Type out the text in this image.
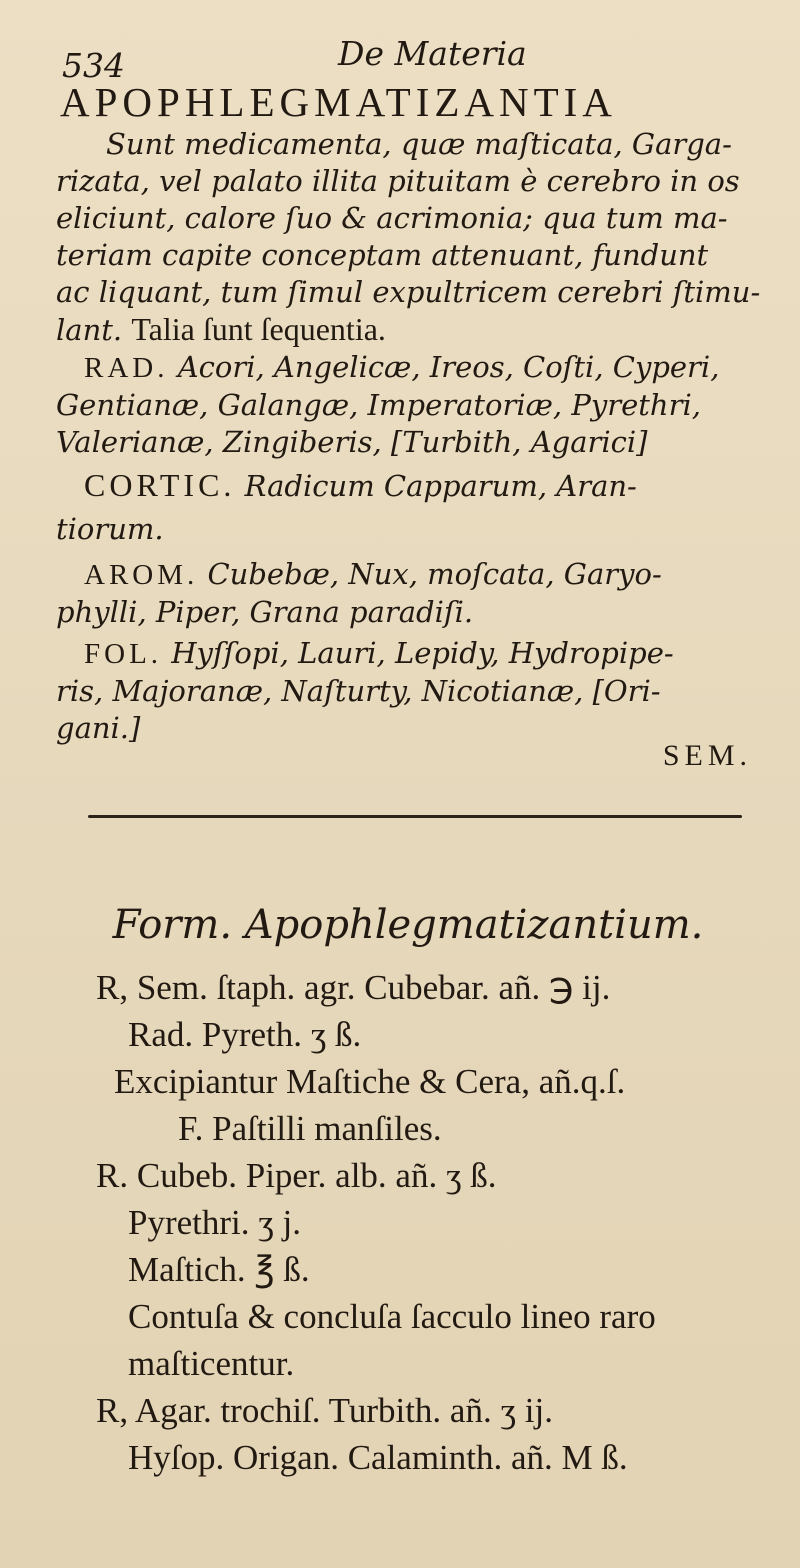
534	De Materia
APOPHLEGMATIZANTIA

Sunt medicamenta, quæ maſticata, Garga-

rizata, vel palato illita pituitam è cerebro in os

eliciunt, calore ſuo & acrimonia; qua tum ma-

teriam capite conceptam attenuant, fundunt

ac liquant, tum ſimul expultricem cerebri ſtimu-

lant. Talia ſunt ſequentia.

RAD. Acori, Angelicæ, Ireos, Coſti, Cyperi,

Gentianæ, Galangæ, Imperatoriæ, Pyrethri,

Valerianæ, Zingiberis, [Turbith, Agarici]

CORTIC. Radicum Capparum, Aran-

tiorum.

AROM. Cubebæ, Nux, moſcata, Garyo-

phylli, Piper, Grana paradiſi.

FOL. Hyſſopi, Lauri, Lepidy, Hydropipe-

ris, Majoranæ, Naſturty, Nicotianæ, [Ori-

gani.]

SEM.
Form. Apophlegmatizantium.

R, Sem. ſtaph. agr. Cubebar. añ. ℈ ij.

Rad. Pyreth. ʒ ß.

Excipiantur Maſtiche & Cera, añ.q.ſ.

F. Paſtilli manſiles.

R. Cubeb. Piper. alb. añ. ʒ ß.

Pyrethri. ʒ j.

Maſtich. ℥ ß.

Contuſa & concluſa ſacculo lineo raro

maſticentur.

R, Agar. trochiſ. Turbith. añ. ʒ ij.

Hyſop. Origan. Calaminth. añ. M ß.
